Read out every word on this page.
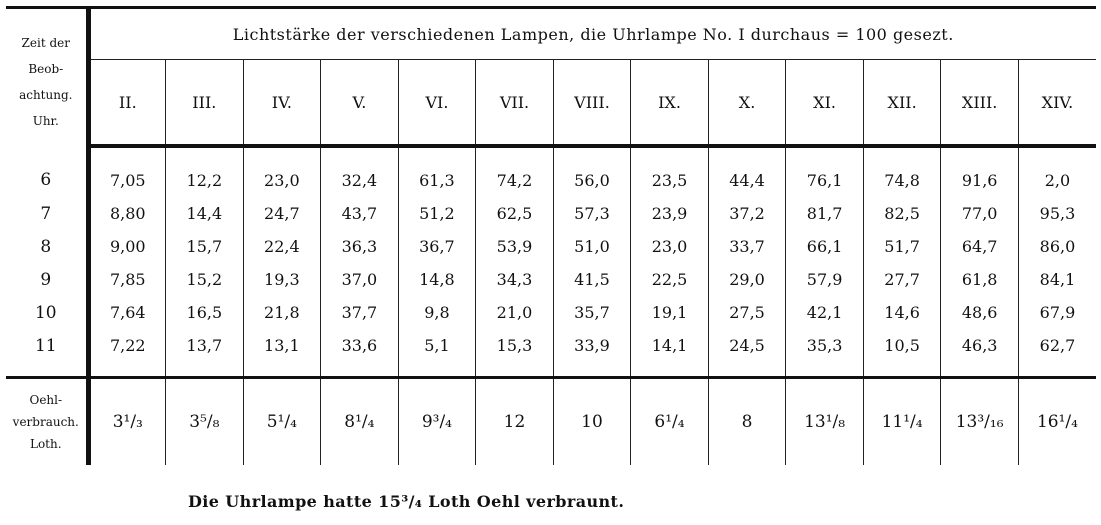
Zeit der
Beob-
achtung.
Uhr.	Lichtstärke der verschiedenen Lampen, die Uhrlampe No. I durchaus = 100 gesezt.												
	II.	III.	IV.	V.	VI.	VII.	VIII.	IX.	X.	XI.	XII.	XIII.	XIV.
6	7,05	12,2	23,0	32,4	61,3	74,2	56,0	23,5	44,4	76,1	74,8	91,6	2,0
7	8,80	14,4	24,7	43,7	51,2	62,5	57,3	23,9	37,2	81,7	82,5	77,0	95,3
8	9,00	15,7	22,4	36,3	36,7	53,9	51,0	23,0	33,7	66,1	51,7	64,7	86,0
9	7,85	15,2	19,3	37,0	14,8	34,3	41,5	22,5	29,0	57,9	27,7	61,8	84,1
10	7,64	16,5	21,8	37,7	9,8	21,0	35,7	19,1	27,5	42,1	14,6	48,6	67,9
11	7,22	13,7	13,1	33,6	5,1	15,3	33,9	14,1	24,5	35,3	10,5	46,3	62,7

Oehl-
verbrauch.
Loth.	3¹/₃	3⁵/₈	5¹/₄	8¹/₄	9³/₄	12	10	6¹/₄	8	13¹/₈	11¹/₄	13³/₁₆	16¹/₄
Die Uhrlampe hatte 15³/₄ Loth Oehl verbraunt.
